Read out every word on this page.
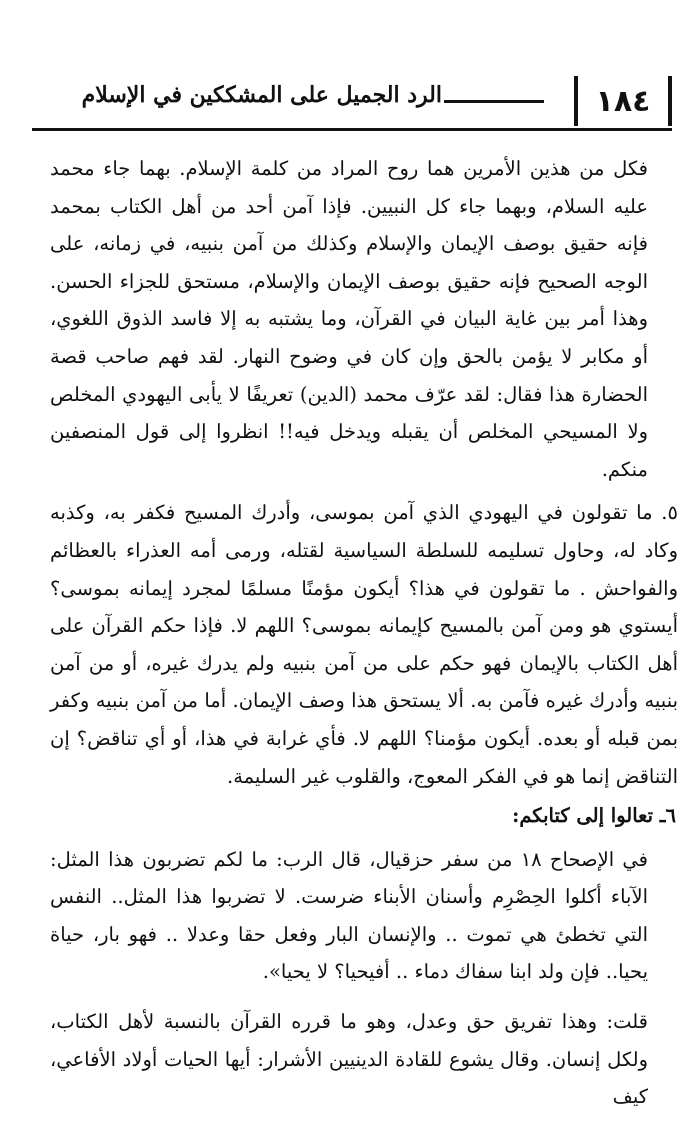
١٨٤
الرد الجميل على المشككين في الإسلام

فكل من هذين الأمرين هما روح المراد من كلمة الإسلام. بهما جاء محمد عليه السلام، وبهما جاء كل النبيين. فإذا آمن أحد من أهل الكتاب بمحمد فإنه حقيق بوصف الإيمان والإسلام وكذلك من آمن بنبيه، في زمانه، على الوجه الصحيح فإنه حقيق بوصف الإيمان والإسلام، مستحق للجزاء الحسن. وهذا أمر بين غاية البيان في القرآن، وما يشتبه به إلا فاسد الذوق اللغوي، أو مكابر لا يؤمن بالحق وإن كان في وضوح النهار. لقد فهم صاحب قصة الحضارة هذا فقال: لقد عرّف محمد (الدين) تعريفًا لا يأبى اليهودي المخلص ولا المسيحي المخلص أن يقبله ويدخل فيه!! انظروا إلى قول المنصفين منكم.

٥. ما تقولون في اليهودي الذي آمن بموسى، وأدرك المسيح فكفر به، وكذبه وكاد له، وحاول تسليمه للسلطة السياسية لقتله، ورمى أمه العذراء بالعظائم والفواحش . ما تقولون في هذا؟ أيكون مؤمنًا مسلمًا لمجرد إيمانه بموسى؟ أيستوي هو ومن آمن بالمسيح كإيمانه بموسى؟ اللهم لا. فإذا حكم القرآن على أهل الكتاب بالإيمان فهو حكم على من آمن بنبيه ولم يدرك غيره، أو من آمن بنبيه وأدرك غيره فآمن به. ألا يستحق هذا وصف الإيمان. أما من آمن بنبيه وكفر بمن قبله أو بعده. أيكون مؤمنا؟ اللهم لا. فأي غرابة في هذا، أو أي تناقض؟ إن التناقض إنما هو في الفكر المعوج، والقلوب غير السليمة.

٦ـ تعالوا إلى كتابكم:

في الإصحاح ١٨ من سفر حزقيال، قال الرب: ما لكم تضربون هذا المثل: الآباء أكلوا الحِصْرِم وأسنان الأبناء ضرست. لا تضربوا هذا المثل.. النفس التي تخطئ هي تموت .. والإنسان البار وفعل حقا وعدلا .. فهو بار، حياة يحيا.. فإن ولد ابنا سفاك دماء .. أفيحيا؟ لا يحيا».

قلت: وهذا تفريق حق وعدل، وهو ما قرره القرآن بالنسبة لأهل الكتاب، ولكل إنسان. وقال يشوع للقادة الدينيين الأشرار: أيها الحيات أولاد الأفاعي، كيف
